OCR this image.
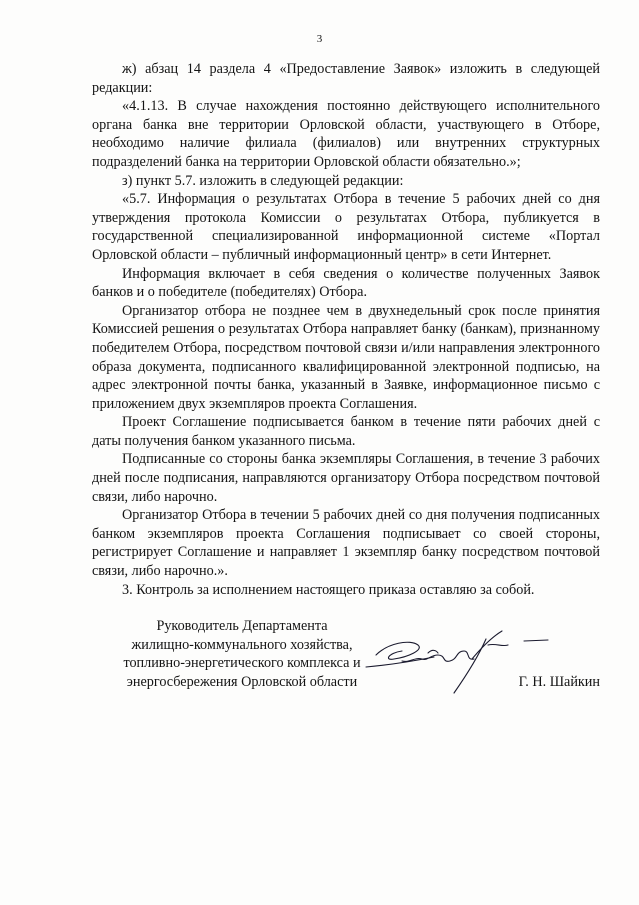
3

ж) абзац 14 раздела 4 «Предоставление Заявок» изложить в следующей редакции:

«4.1.13. В случае нахождения постоянно действующего исполнительного органа банка вне территории Орловской области, участвующего в Отборе, необходимо наличие филиала (филиалов) или внутренних структурных подразделений банка на территории Орловской области обязательно.»;

з) пункт 5.7. изложить в следующей редакции:

«5.7. Информация о результатах Отбора в течение 5 рабочих дней со дня утверждения протокола Комиссии о результатах Отбора, публикуется в государственной специализированной информационной системе «Портал Орловской области – публичный информационный центр» в сети Интернет.

Информация включает в себя сведения о количестве полученных Заявок банков и о победителе (победителях) Отбора.

Организатор отбора не позднее чем в двухнедельный срок после принятия Комиссией решения о результатах Отбора направляет банку (банкам), признанному победителем Отбора, посредством почтовой связи и/или направления электронного образа документа, подписанного квалифицированной электронной подписью, на адрес электронной почты банка, указанный в Заявке, информационное письмо с приложением двух экземпляров проекта Соглашения.

Проект Соглашение подписывается банком в течение пяти рабочих дней с даты получения банком указанного письма.

Подписанные со стороны банка экземпляры Соглашения, в течение 3 рабочих дней после подписания, направляются организатору Отбора посредством почтовой связи, либо нарочно.

Организатор Отбора в течении 5 рабочих дней со дня получения подписанных банком экземпляров проекта Соглашения подписывает со своей стороны, регистрирует Соглашение и направляет 1 экземпляр банку посредством почтовой связи, либо нарочно.».

3. Контроль за исполнением настоящего приказа оставляю за собой.

Руководитель Департамента
жилищно-коммунального хозяйства,
топливно-энергетического комплекса и
энергосбережения Орловской области	Г. Н. Шайкин
